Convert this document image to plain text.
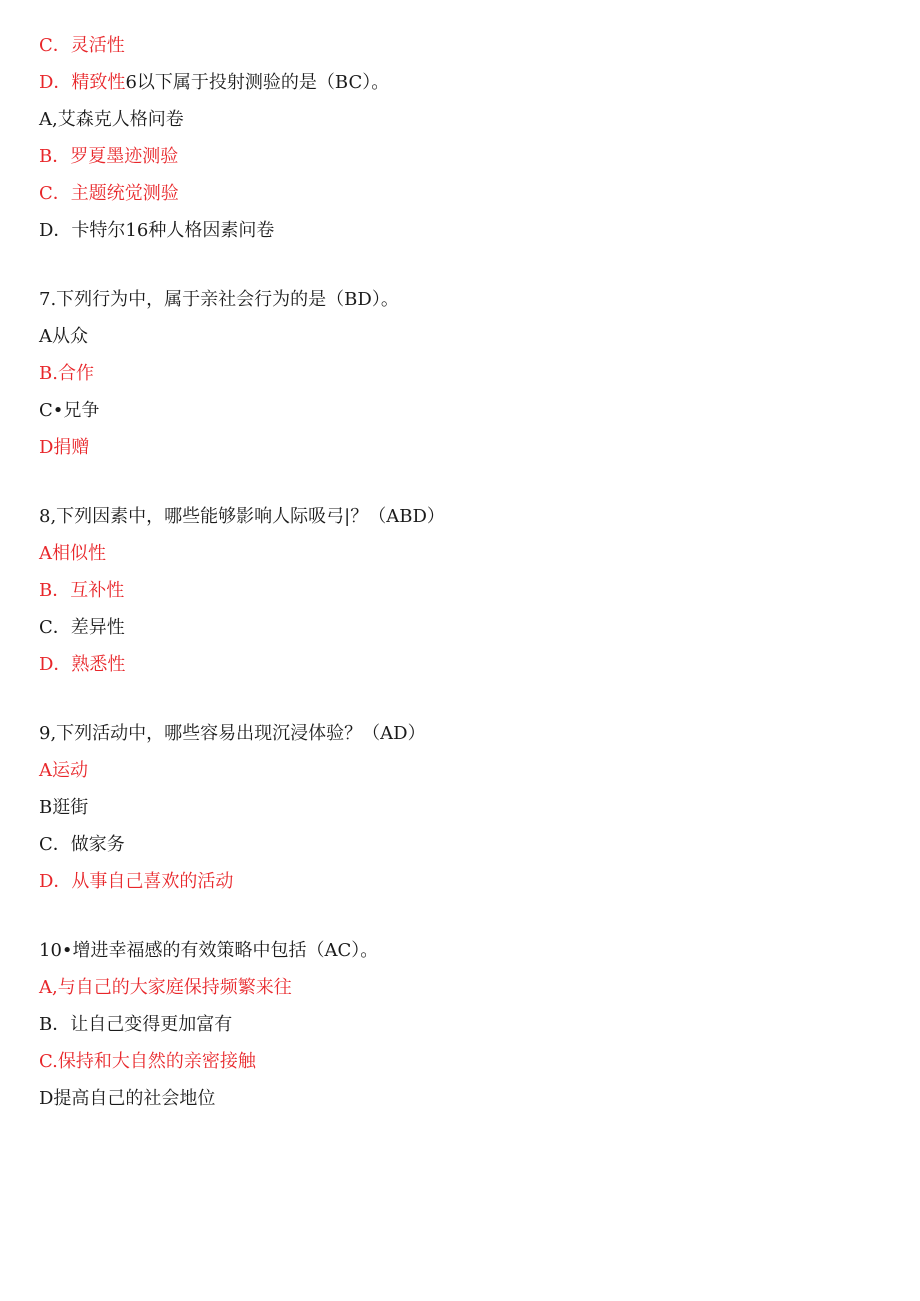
C．灵活性

D．精致性6以下属于投射测验的是（BC）。

A,艾森克人格问卷

B．罗夏墨迹测验

C．主题统觉测验

D．卡特尔16种人格因素问卷

7.下列行为中，属于亲社会行为的是（BD）。

A从众

B.合作

C•兄争

D捐赠

8,下列因素中，哪些能够影响人际吸弓|？（ABD）

A相似性

B．互补性

C．差异性

D．熟悉性

9,下列活动中，哪些容易出现沉浸体验？（AD）

A运动

B逛街

C．做家务

D．从事自己喜欢的活动

10•增进幸福感的有效策略中包括（AC）。

A,与自己的大家庭保持频繁来往

B．让自己变得更加富有

C.保持和大自然的亲密接触

D提高自己的社会地位
